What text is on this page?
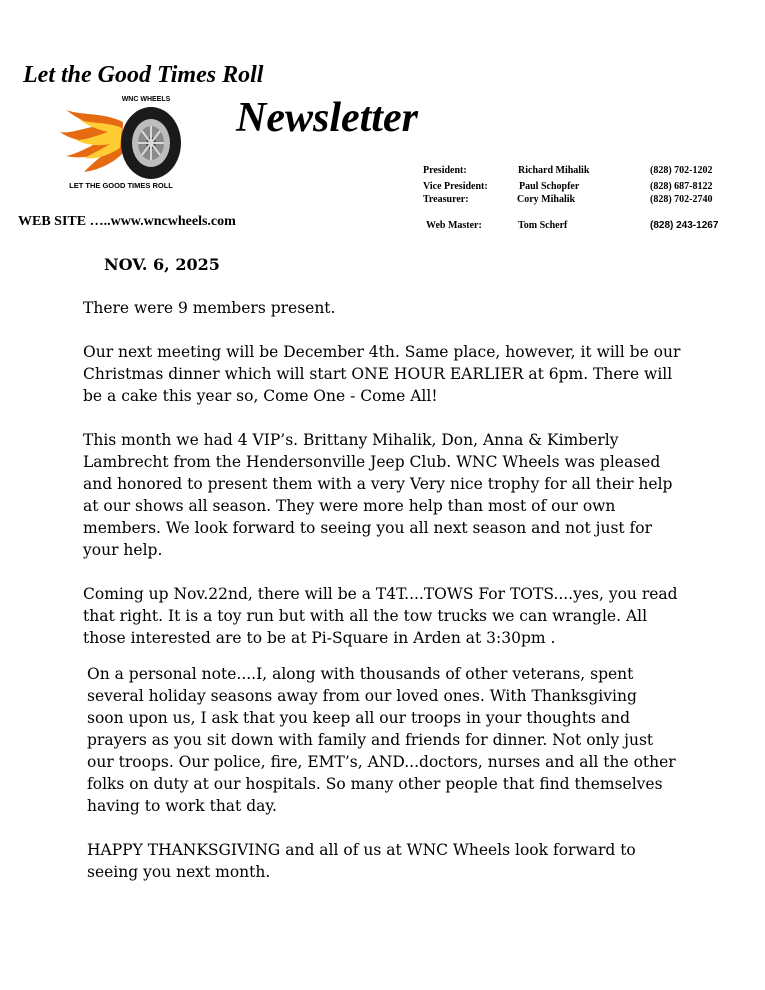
Let the Good Times Roll
WNC WHEELS
LET THE GOOD TIMES ROLL
Newsletter
WEB SITE …..www.wncwheels.com
President:	Richard Mihalik	(828) 702-1202
Vice President:	Paul Schopfer	(828) 687-8122
Treasurer:	Cory Mihalik	(828) 702-2740
Web Master:	Tom Scherf	(828) 243-1267
NOV. 6, 2025

There were 9 members present.

Our next meeting will be December 4th. Same place, however, it will be our

Christmas dinner which will start ONE HOUR EARLIER at 6pm. There will

be a cake this year so, Come One - Come All!

This month we had 4 VIP’s. Brittany Mihalik, Don, Anna & Kimberly

Lambrecht from the Hendersonville Jeep Club. WNC Wheels was pleased

and honored to present them with a very Very nice trophy for all their help

at our shows all season. They were more help than most of our own

members. We look forward to seeing you all next season and not just for

your help.

Coming up Nov.22nd, there will be a T4T....TOWS For TOTS....yes, you read

that right. It is a toy run but with all the tow trucks we can wrangle. All

those interested are to be at Pi-Square in Arden at 3:30pm .

On a personal note....I, along with thousands of other veterans, spent

several holiday seasons away from our loved ones. With Thanksgiving

soon upon us, I ask that you keep all our troops in your thoughts and

prayers as you sit down with family and friends for dinner. Not only just

our troops. Our police, fire, EMT’s, AND...doctors, nurses and all the other

folks on duty at our hospitals. So many other people that find themselves

having to work that day.

HAPPY THANKSGIVING and all of us at WNC Wheels look forward to

seeing you next month.
